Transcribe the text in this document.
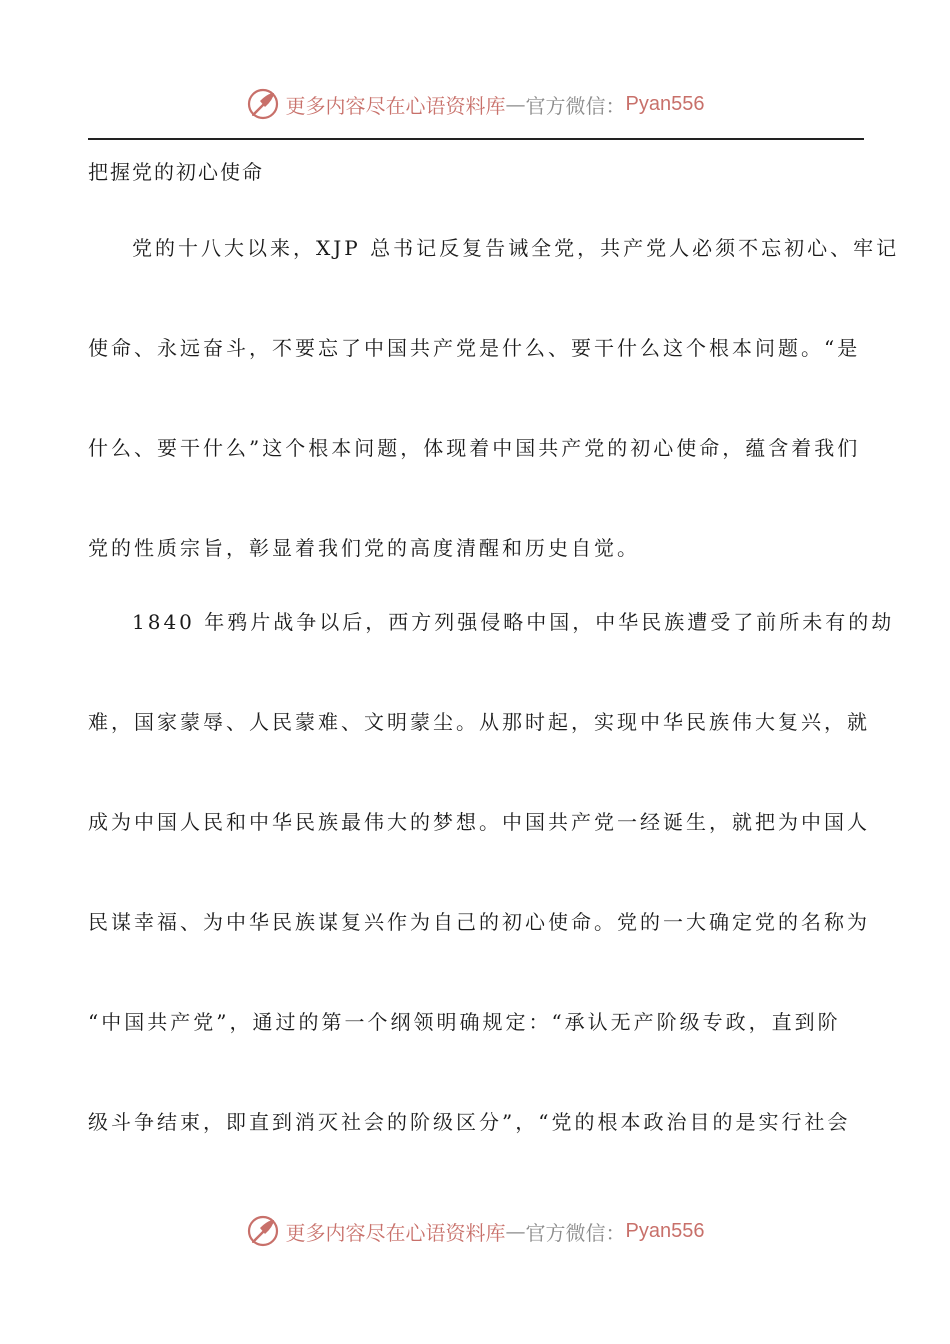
更多内容尽在心语资料库 — 官方微信： Pyan556
把握党的初心使命
党的十八大以来，XJP 总书记反复告诫全党，共产党人必须不忘初心、牢记
使命、永远奋斗，不要忘了中国共产党是什么、要干什么这个根本问题。“是
什么、要干什么”这个根本问题，体现着中国共产党的初心使命，蕴含着我们
党的性质宗旨，彰显着我们党的高度清醒和历史自觉。
1840 年鸦片战争以后，西方列强侵略中国，中华民族遭受了前所未有的劫
难，国家蒙辱、人民蒙难、文明蒙尘。从那时起，实现中华民族伟大复兴，就
成为中国人民和中华民族最伟大的梦想。中国共产党一经诞生，就把为中国人
民谋幸福、为中华民族谋复兴作为自己的初心使命。党的一大确定党的名称为
“中国共产党”，通过的第一个纲领明确规定：“承认无产阶级专政，直到阶
级斗争结束，即直到消灭社会的阶级区分”，“党的根本政治目的是实行社会
更多内容尽在心语资料库 — 官方微信： Pyan556
